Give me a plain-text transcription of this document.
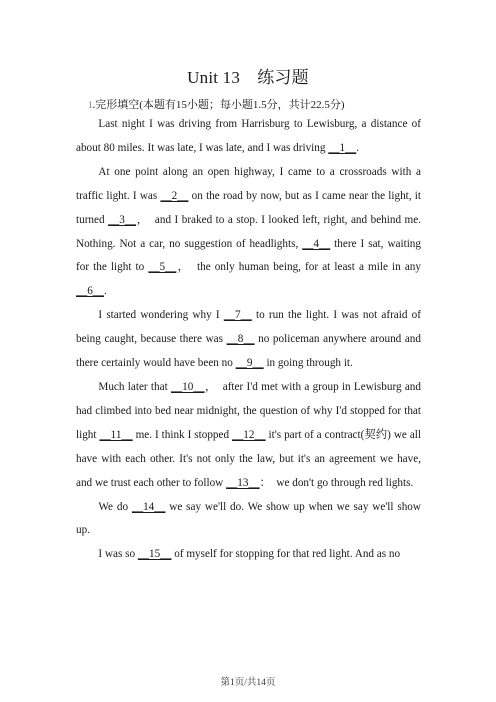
Unit 13　练习题
1.完形填空(本题有15小题；每小题1.5分，共计22.5分)

Last night I was driving from Harrisburg to Lewisburg, a distance of about 80 miles. It was late, I was late, and I was driving __1__.

At one point along an open highway, I came to a crossroads with a traffic light. I was __2__ on the road by now, but as I came near the light, it turned __3__，　and I braked to a stop. I looked left, right, and behind me. Nothing. Not a car, no suggestion of headlights, __4__ there I sat, waiting　for the light to __5__，　the only human being, for at least a mile in any __6__.

I started wondering why I __7__ to run the light. I was not afraid of being caught, because there was __8__ no policeman anywhere around and there certainly would have been no __9__ in going through it.

Much later that __10__，　after I'd met with a group in Lewisburg and had climbed into bed near midnight, the question of why I'd stopped for that light __11__ me. I think I stopped __12__ it's part of a contract(契约) we all have with each other. It's not only the law, but it's an agreement we have, and we trust each other to follow __13__：　we don't go through red lights.

We do __14__ we say we'll do. We show up when we say we'll show up.

I was so __15__ of myself for stopping for that red light. And as no

第1页/共14页
